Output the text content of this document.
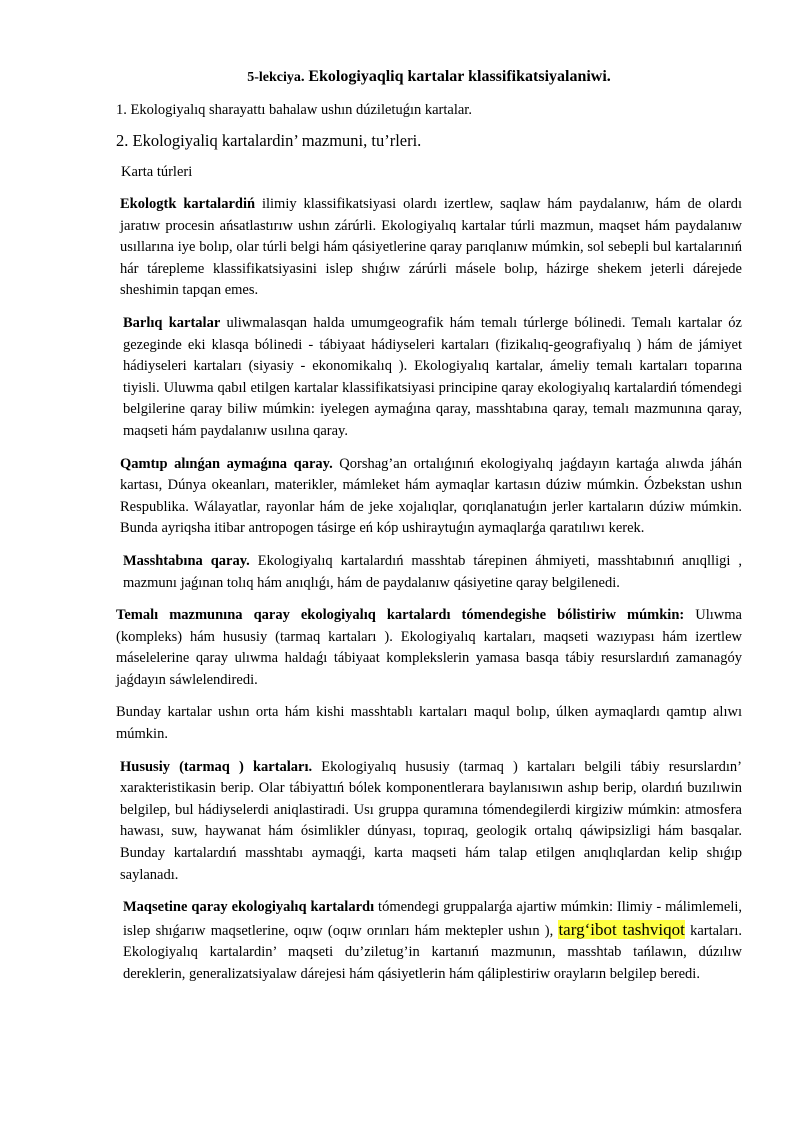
5-lekciya. Ekologiyaqliq kartalar klassifikatsiyalaniwi.
1. Ekologiyalıq sharayattı bahalaw ushın dúziletuǵın kartalar.
2. Ekologiyaliq kartalardin’ mazmuni, tu’rleri.
Karta túrleri

Ekologtk kartalardiń ilimiy klassifikatsiyasi olardı izertlew, saqlaw hám paydalanıw, hám de olardı jaratıw procesin ańsatlastırıw ushın zárúrli. Ekologiyalıq kartalar túrli mazmun, maqset hám paydalanıw usıllarına iye bolıp, olar túrli belgi hám qásiyetlerine qaray parıqlanıw múmkin, sol sebepli bul kartalarınıń hár tárepleme klassifikatsiyasini islep shıǵıw zárúrli másele bolıp, házirge shekem jeterli dárejede sheshimin tapqan emes.

Barlıq kartalar uliwmalasqan halda umumgeografik hám temalı túrlerge bólinedi. Temalı kartalar óz gezeginde eki klasqa bólinedi - tábiyaat hádiyseleri kartaları (fizikalıq-geografiyalıq ) hám de jámiyet hádiyseleri kartaları (siyasiy - ekonomikalıq ). Ekologiyalıq kartalar, ámeliy temalı kartaları toparına tiyisli. Uluwma qabıl etilgen kartalar klassifikatsiyasi principine qaray ekologiyalıq kartalardiń tómendegi belgilerine qaray biliw múmkin: iyelegen aymaǵına qaray, masshtabına qaray, temalı mazmunına qaray, maqseti hám paydalanıw usılına qaray.

Qamtıp alınǵan aymaǵına qaray. Qorshag’an ortalıǵınıń ekologiyalıq jaǵdayın kartaǵa alıwda jáhán kartası, Dúnya okeanları, materikler, mámleket hám aymaqlar kartasın dúziw múmkin. Ózbekstan ushın Respublika. Wálayatlar, rayonlar hám de jeke xojalıqlar, qorıqlanatuǵın jerler kartaların dúziw múmkin. Bunda ayriqsha itibar antropogen tásirge eń kóp ushiraytuǵın aymaqlarǵa qaratılıwı kerek.

Masshtabına qaray. Ekologiyalıq kartalardıń masshtab tárepinen áhmiyeti, masshtabınıń anıqlligi , mazmunı jaǵınan tolıq hám anıqlıǵı, hám de paydalanıw qásiyetine qaray belgilenedi.

Temalı mazmunına qaray ekologiyalıq kartalardı tómendegishe bólistiriw múmkin: Ulıwma (kompleks) hám hususiy (tarmaq kartaları ). Ekologiyalıq kartaları, maqseti wazıypası hám izertlew máselelerine qaray ulıwma haldaǵı tábiyaat komplekslerin yamasa basqa tábiy resurslardıń zamanagóy jaǵdayın sáwlelendiredi.

Bunday kartalar ushın orta hám kishi masshtablı kartaları maqul bolıp, úlken aymaqlardı qamtıp alıwı múmkin.

Hususiy (tarmaq ) kartaları. Ekologiyalıq hususiy (tarmaq ) kartaları belgili tábiy resurslardın’ xarakteristikasin berip. Olar tábiyattıń bólek komponentlerara baylanısıwın ashıp berip, olardıń buzılıwin belgilep, bul hádiyselerdi aniqlastiradi. Usı gruppa quramına tómendegilerdi kirgiziw múmkin: atmosfera hawası, suw, haywanat hám ósimlikler dúnyası, topıraq, geologik ortalıq qáwipsizligi hám basqalar. Bunday kartalardıń masshtabı aymaqǵi, karta maqseti hám talap etilgen anıqlıqlardan kelip shıǵıp saylanadı.

Maqsetine qaray ekologiyalıq kartalardı tómendegi gruppalarǵa ajartiw múmkin: Ilimiy - málimlemeli, islep shıǵarıw maqsetlerine, oqıw (oqıw orınları hám mektepler ushın ), targ‘ibot tashviqot kartaları. Ekologiyalıq kartalardin’ maqseti du’ziletug’in kartanıń mazmunın, masshtab tańlawın, dúzılıw dereklerin, generalizatsiyalaw dárejesi hám qásiyetlerin hám qáliplestiriw orayların belgilep beredi.
